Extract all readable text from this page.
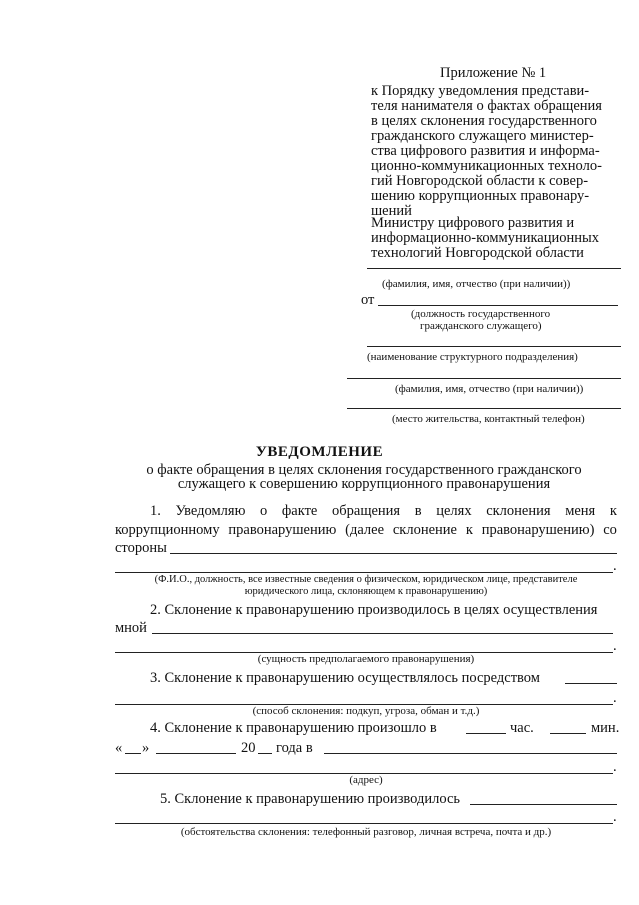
Приложение № 1
к Порядку уведомления представи-
теля нанимателя о фактах обращения
в целях склонения государственного
гражданского служащего министер-
ства цифрового развития и информа-
ционно-коммуникационных техноло-
гий Новгородской области к совер-
шению коррупционных правонару-
шений
Министру цифрового развития и
информационно-коммуникационных
технологий Новгородской области
(фамилия, имя, отчество (при наличии))
от
(должность государственного
гражданского служащего)
(наименование структурного подразделения)
(фамилия, имя, отчество (при наличии))
(место жительства, контактный телефон)
УВЕДОМЛЕНИЕ
о факте обращения в целях склонения государственного гражданского
служащего к совершению коррупционного правонарушения
1. Уведомляю о факте обращения в целях склонения меня к
коррупционному правонарушению (далее склонение к правонарушению) со
стороны
.
(Ф.И.О., должность, все известные сведения о физическом, юридическом лице, представителе
юридического лица, склоняющем к правонарушению)
2. Склонение к правонарушению производилось в целях осуществления
мной
.
(сущность предполагаемого правонарушения)
3. Склонение к правонарушению осуществлялось посредством
.
(способ склонения: подкуп, угроза, обман и т.д.)
4. Склонение к правонарушению произошло в	час.	мин.
« »	20 года в
.
(адрес)
5. Склонение к правонарушению производилось
.
(обстоятельства склонения: телефонный разговор, личная встреча, почта и др.)
